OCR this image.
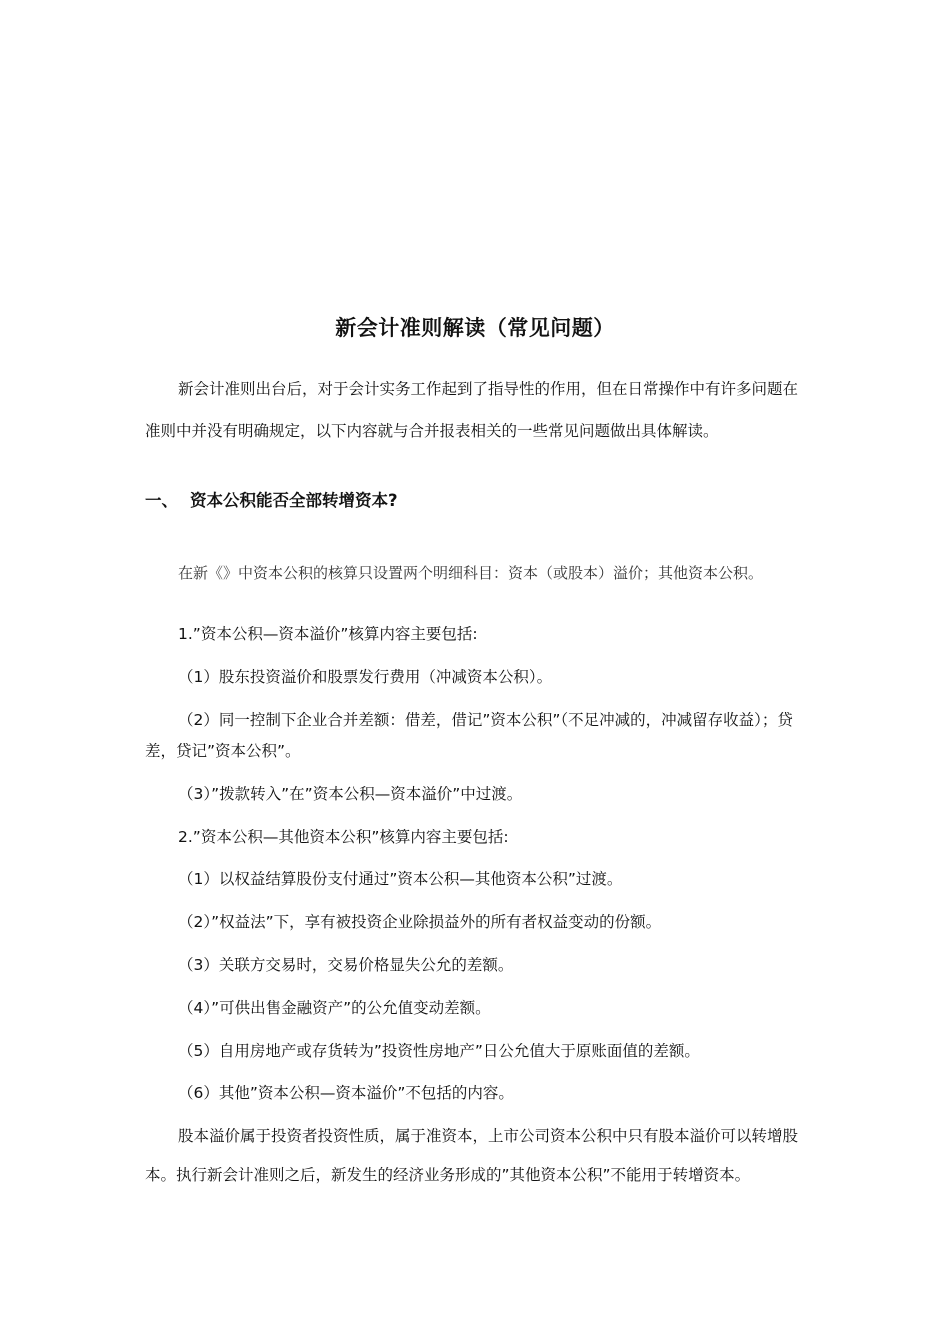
新会计准则解读（常见问题）

新会计准则出台后，对于会计实务工作起到了指导性的作用，但在日常操作中有许多问题在准则中并没有明确规定，以下内容就与合并报表相关的一些常见问题做出具体解读。

一、 资本公积能否全部转增资本?

在新《》中资本公积的核算只设置两个明细科目：资本（或股本）溢价；其他资本公积。

1.”资本公积—资本溢价”核算内容主要包括:

（1）股东投资溢价和股票发行费用（冲减资本公积）。

（2）同一控制下企业合并差额：借差，借记”资本公积”（不足冲减的，冲减留存收益）；贷差，贷记”资本公积”。

（3）”拨款转入”在”资本公积—资本溢价”中过渡。

2.”资本公积—其他资本公积”核算内容主要包括:

（1）以权益结算股份支付通过”资本公积—其他资本公积”过渡。

（2）”权益法”下，享有被投资企业除损益外的所有者权益变动的份额。

（3）关联方交易时，交易价格显失公允的差额。

（4）”可供出售金融资产”的公允值变动差额。

（5）自用房地产或存货转为”投资性房地产”日公允值大于原账面值的差额。

（6）其他”资本公积—资本溢价”不包括的内容。

股本溢价属于投资者投资性质，属于准资本，上市公司资本公积中只有股本溢价可以转增股本。执行新会计准则之后，新发生的经济业务形成的”其他资本公积”不能用于转增资本。
